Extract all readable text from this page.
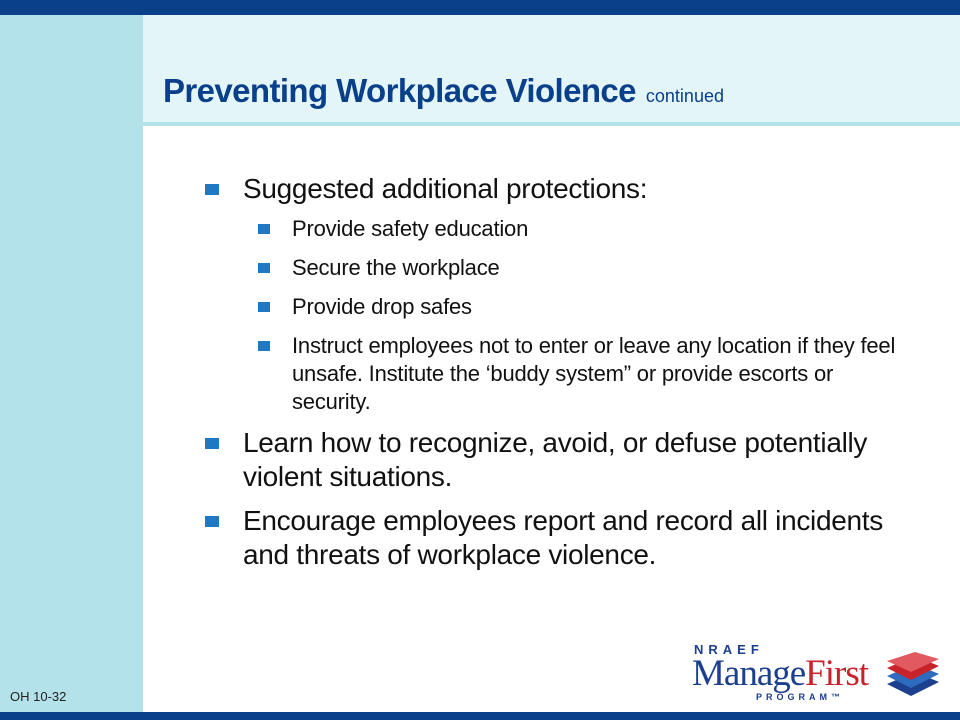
Preventing Workplace Violence continued

Suggested additional protections:

Provide safety education

Secure the workplace

Provide drop safes

Instruct employees not to enter or leave any location if they feel unsafe. Institute the ‘buddy system” or provide escorts or security.

Learn how to recognize, avoid, or defuse potentially violent situations.

Encourage employees report and record all incidents and threats of workplace violence.

OH 10-32
NRAEF
ManageFirst
PROGRAM™
